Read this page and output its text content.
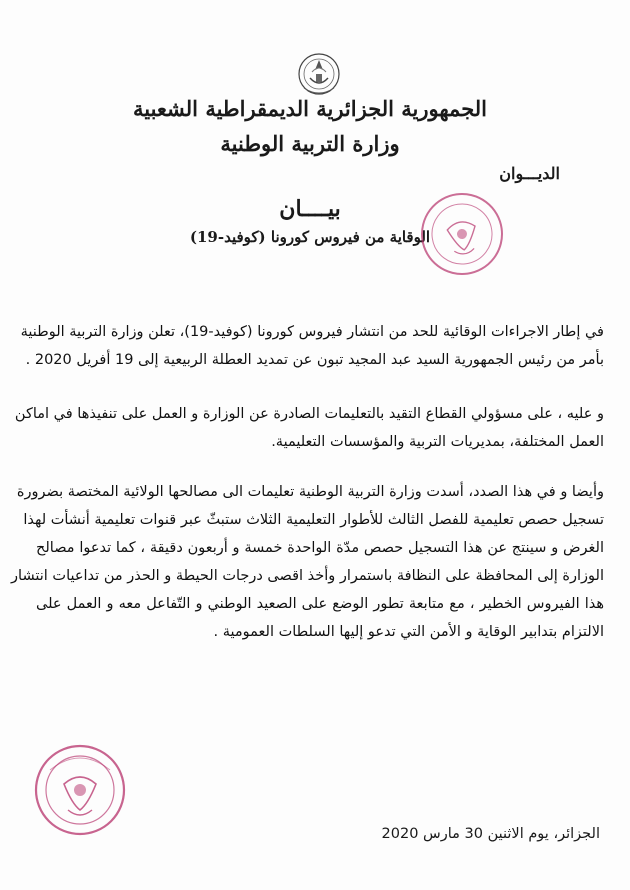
الجمهورية الجزائرية الديمقراطية الشعبية
وزارة التربية الوطنية
الديـــوان
بيــــان
الوقاية من فيروس كورونا (كوفيد-19)
في إطار الاجراءات الوقائية للحد من انتشار فيروس كورونا (كوفيد-19)، تعلن وزارة التربية الوطنية
بأمر من رئيس الجمهورية السيد عبد المجيد تبون عن تمديد العطلة الربيعية إلى 19 أفريل 2020 .
و عليه ، على مسؤولي القطاع التقيد بالتعليمات الصادرة عن الوزارة و العمل على تنفيذها في اماكن
العمل المختلفة، بمديريات التربية والمؤسسات التعليمية.
وأيضا و في هذا الصدد، أسدت وزارة التربية الوطنية تعليمات الى مصالحها الولائية المختصة بضرورة
تسجيل حصص تعليمية للفصل الثالث للأطوار التعليمية الثلاث ستبثّ عبر قنوات تعليمية أنشأت لهذا
الغرض و سينتج عن هذا التسجيل حصص مدّة الواحدة خمسة و أربعون دقيقة ، كما تدعوا مصالح
الوزارة إلى المحافظة على النظافة باستمرار وأخذ اقصى درجات الحيطة و الحذر من تداعيات انتشار
هذا الفيروس الخطير ، مع متابعة تطور الوضع على الصعيد الوطني و التّفاعل معه و العمل على
الالتزام بتدابير الوقاية و الأمن التي تدعو إليها السلطات العمومية .
الجزائر، يوم الاثنين 30 مارس 2020
